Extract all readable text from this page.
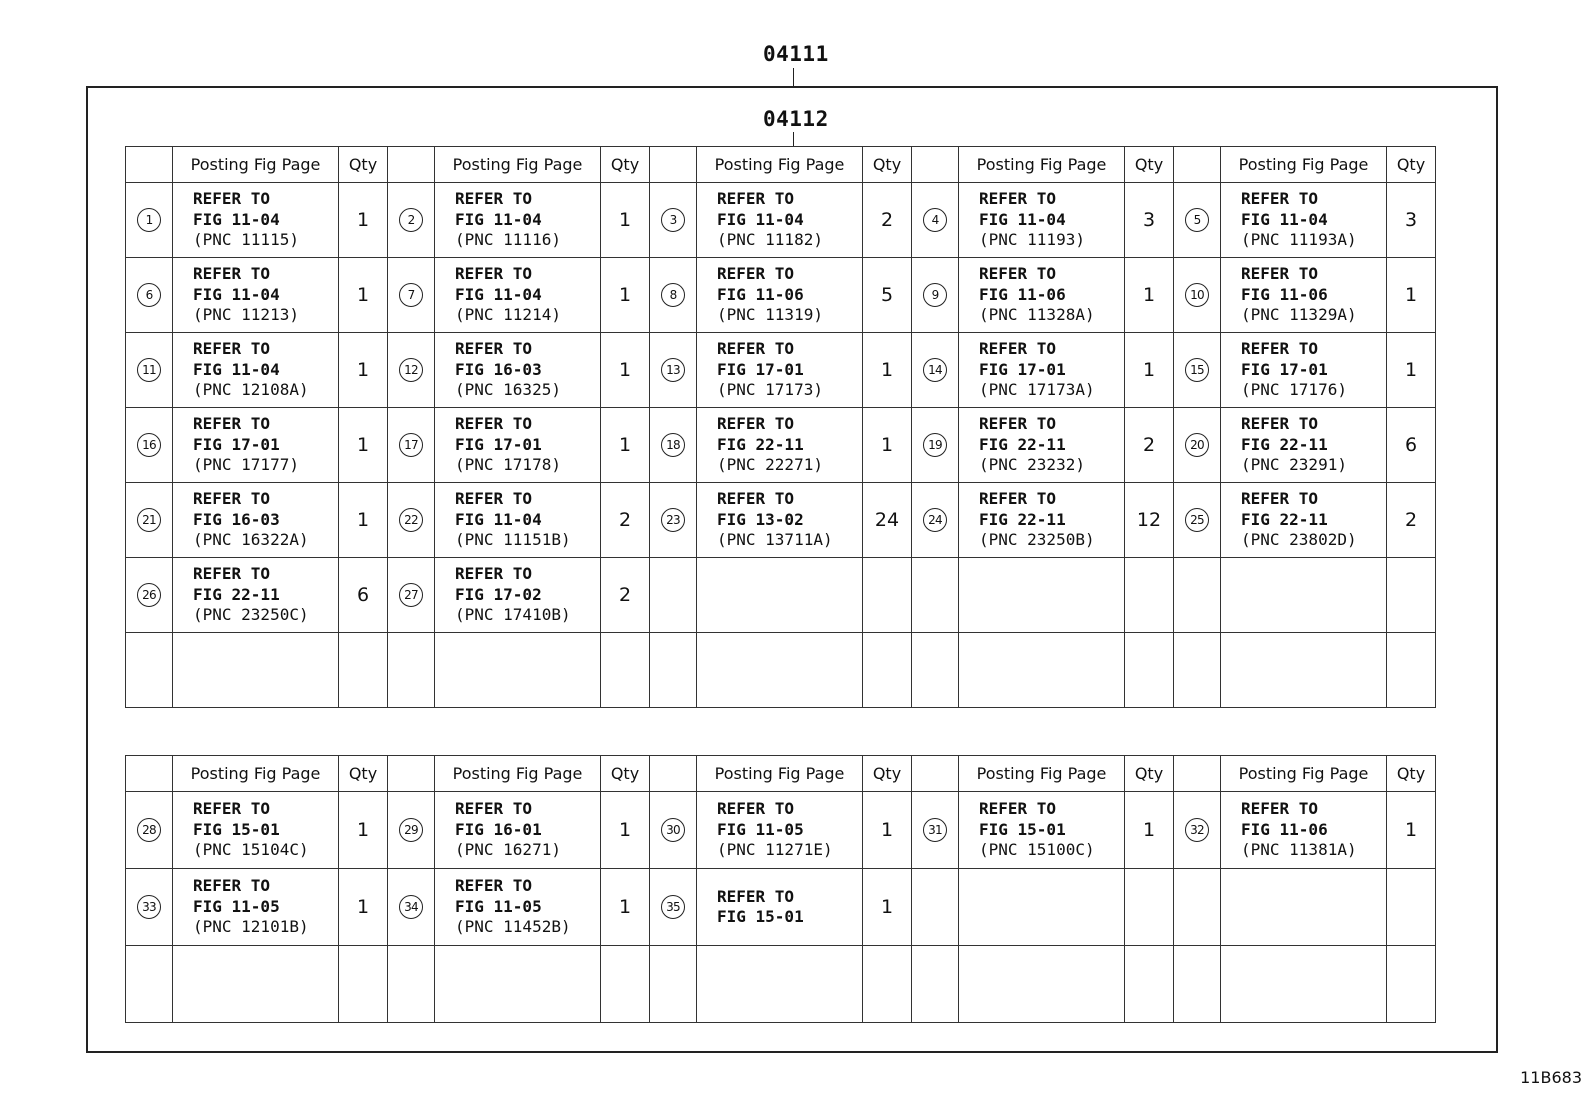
04111
04112
	Posting Fig Page	Qty		Posting Fig Page	Qty		Posting Fig Page	Qty		Posting Fig Page	Qty		Posting Fig Page	Qty
1	REFER TO
FIG 11-04
(PNC 11115)	1	2	REFER TO
FIG 11-04
(PNC 11116)	1	3	REFER TO
FIG 11-04
(PNC 11182)	2	4	REFER TO
FIG 11-04
(PNC 11193)	3	5	REFER TO
FIG 11-04
(PNC 11193A)	3
6	REFER TO
FIG 11-04
(PNC 11213)	1	7	REFER TO
FIG 11-04
(PNC 11214)	1	8	REFER TO
FIG 11-06
(PNC 11319)	5	9	REFER TO
FIG 11-06
(PNC 11328A)	1	10	REFER TO
FIG 11-06
(PNC 11329A)	1
11	REFER TO
FIG 11-04
(PNC 12108A)	1	12	REFER TO
FIG 16-03
(PNC 16325)	1	13	REFER TO
FIG 17-01
(PNC 17173)	1	14	REFER TO
FIG 17-01
(PNC 17173A)	1	15	REFER TO
FIG 17-01
(PNC 17176)	1
16	REFER TO
FIG 17-01
(PNC 17177)	1	17	REFER TO
FIG 17-01
(PNC 17178)	1	18	REFER TO
FIG 22-11
(PNC 22271)	1	19	REFER TO
FIG 22-11
(PNC 23232)	2	20	REFER TO
FIG 22-11
(PNC 23291)	6
21	REFER TO
FIG 16-03
(PNC 16322A)	1	22	REFER TO
FIG 11-04
(PNC 11151B)	2	23	REFER TO
FIG 13-02
(PNC 13711A)	24	24	REFER TO
FIG 22-11
(PNC 23250B)	12	25	REFER TO
FIG 22-11
(PNC 23802D)	2
26	REFER TO
FIG 22-11
(PNC 23250C)	6	27	REFER TO
FIG 17-02
(PNC 17410B)	2									

	Posting Fig Page	Qty		Posting Fig Page	Qty		Posting Fig Page	Qty		Posting Fig Page	Qty		Posting Fig Page	Qty
28	REFER TO
FIG 15-01
(PNC 15104C)	1	29	REFER TO
FIG 16-01
(PNC 16271)	1	30	REFER TO
FIG 11-05
(PNC 11271E)	1	31	REFER TO
FIG 15-01
(PNC 15100C)	1	32	REFER TO
FIG 11-06
(PNC 11381A)	1
33	REFER TO
FIG 11-05
(PNC 12101B)	1	34	REFER TO
FIG 11-05
(PNC 11452B)	1	35	REFER TO
FIG 15-01	1						

11B683
